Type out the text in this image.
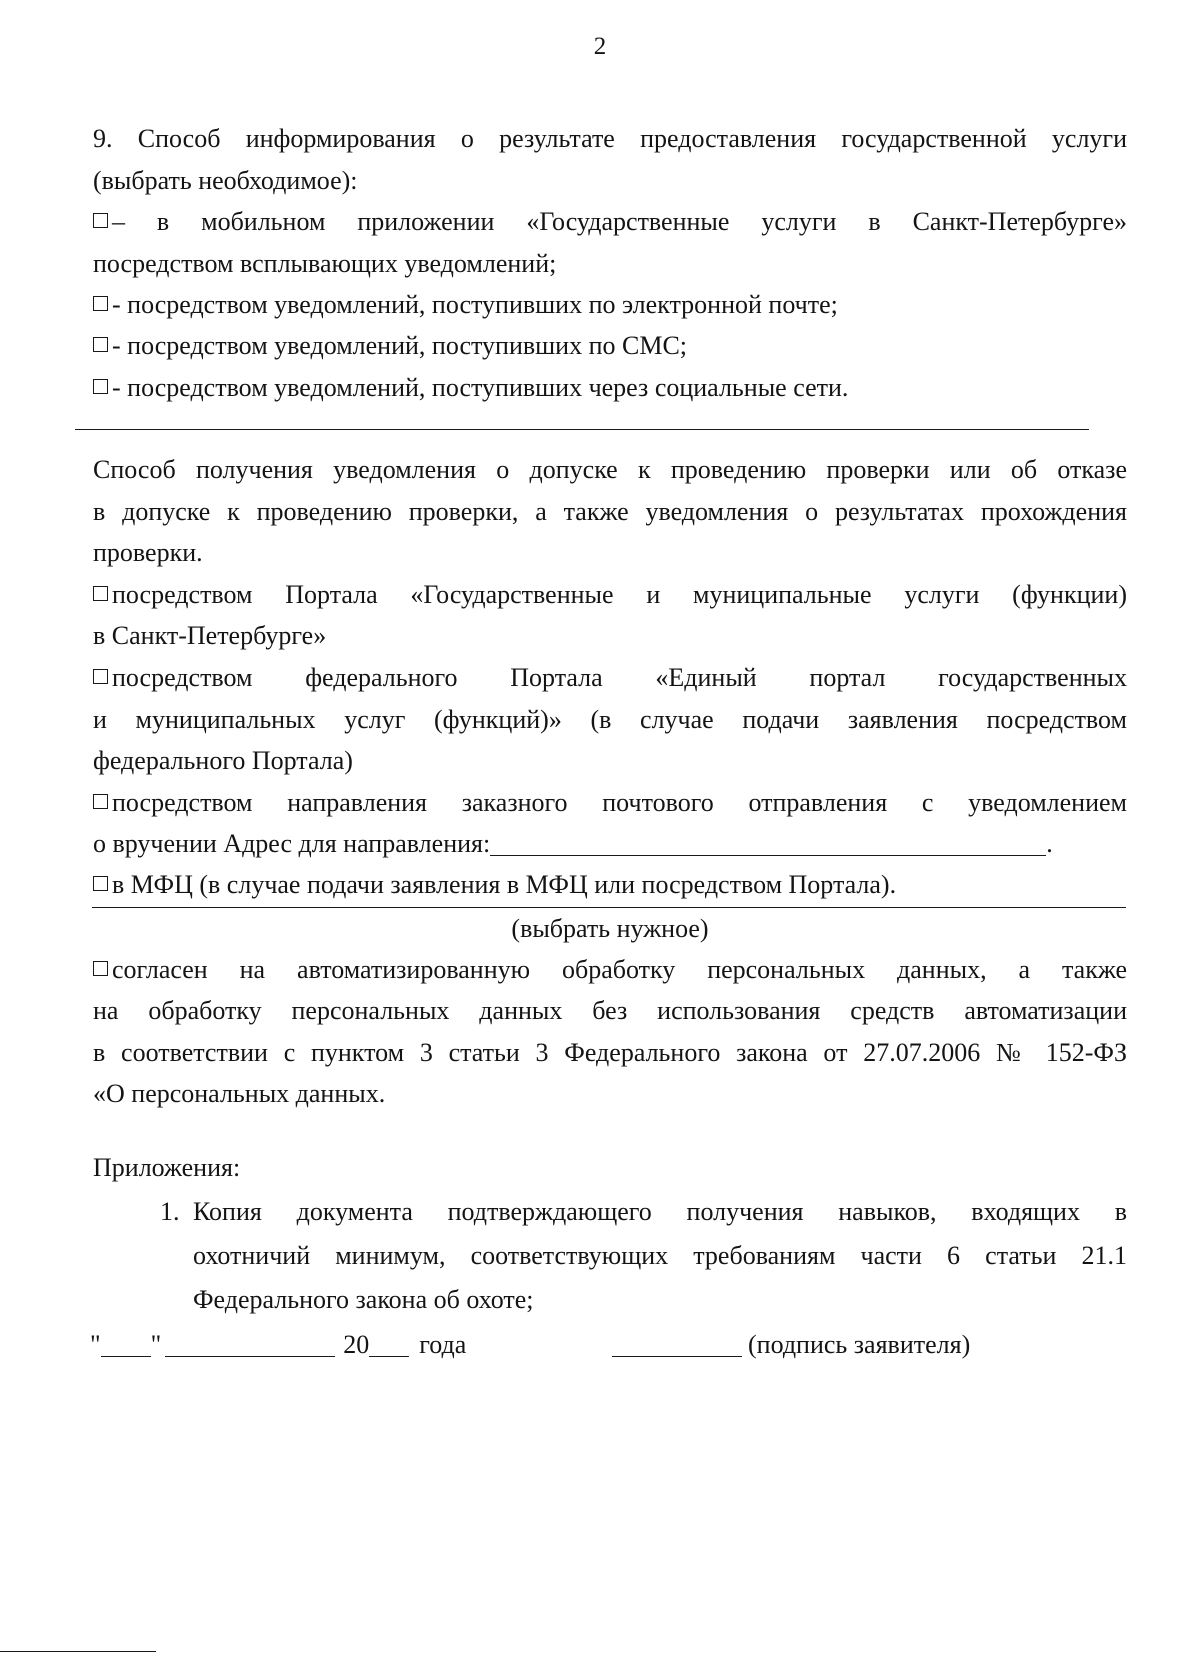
2
9. Способ информирования о результате предоставления государственной услуги
(выбрать необходимое):
– в мобильном приложении «Государственные услуги в Санкт-Петербурге»
посредством всплывающих уведомлений;
- посредством уведомлений, поступивших по электронной почте;
- посредством уведомлений, поступивших по СМС;
- посредством уведомлений, поступивших через социальные сети.
Способ получения уведомления о допуске к проведению проверки или об отказе
в допуске к проведению проверки, а также уведомления о результатах прохождения
проверки.
посредством Портала «Государственные и муниципальные услуги (функции)
в Санкт-Петербурге»
посредством федерального Портала «Единый портал государственных
и муниципальных услуг (функций)» (в случае подачи заявления посредством
федерального Портала)
посредством направления заказного почтового отправления с уведомлением
о вручении Адрес для направления:	.
в МФЦ (в случае подачи заявления в МФЦ или посредством Портала).
(выбрать нужное)
согласен на автоматизированную обработку персональных данных, а также
на обработку персональных данных без использования средств автоматизации
в соответствии с пунктом 3 статьи 3 Федерального закона от 27.07.2006 № 152-ФЗ
«О персональных данных.
Приложения:
1. Копия документа подтверждающего получения навыков, входящих в
охотничий минимум, соответствующих требованиям части 6 статьи 21.1
Федерального закона об охоте;
" "	20 года	(подпись заявителя)
